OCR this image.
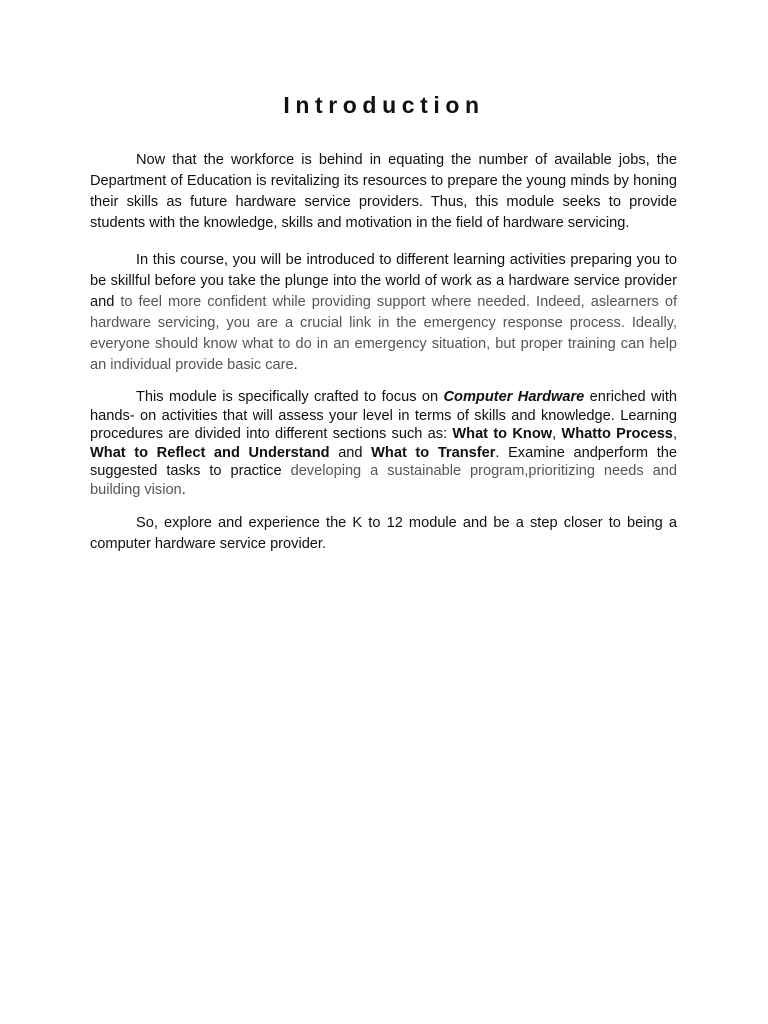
Introduction

Now that the workforce is behind in equating the number of available jobs, the Department of Education is revitalizing its resources to prepare the young minds by honing their skills as future hardware service providers. Thus, this module seeks to provide students with the knowledge, skills and motivation in the field of hardware servicing.

In this course, you will be introduced to different learning activities preparing you to be skillful before you take the plunge into the world of work as a hardware service provider and to feel more confident while providing support where needed. Indeed, aslearners of hardware servicing, you are a crucial link in the emergency response process. Ideally, everyone should know what to do in an emergency situation, but proper training can help an individual provide basic care.

This module is specifically crafted to focus on Computer Hardware enriched with hands- on activities that will assess your level in terms of skills and knowledge. Learning procedures are divided into different sections such as: What to Know, Whatto Process, What to Reflect and Understand and What to Transfer. Examine andperform the suggested tasks to practice developing a sustainable program,prioritizing needs and building vision.

So, explore and experience the K to 12 module and be a step closer to being a computer hardware service provider.
